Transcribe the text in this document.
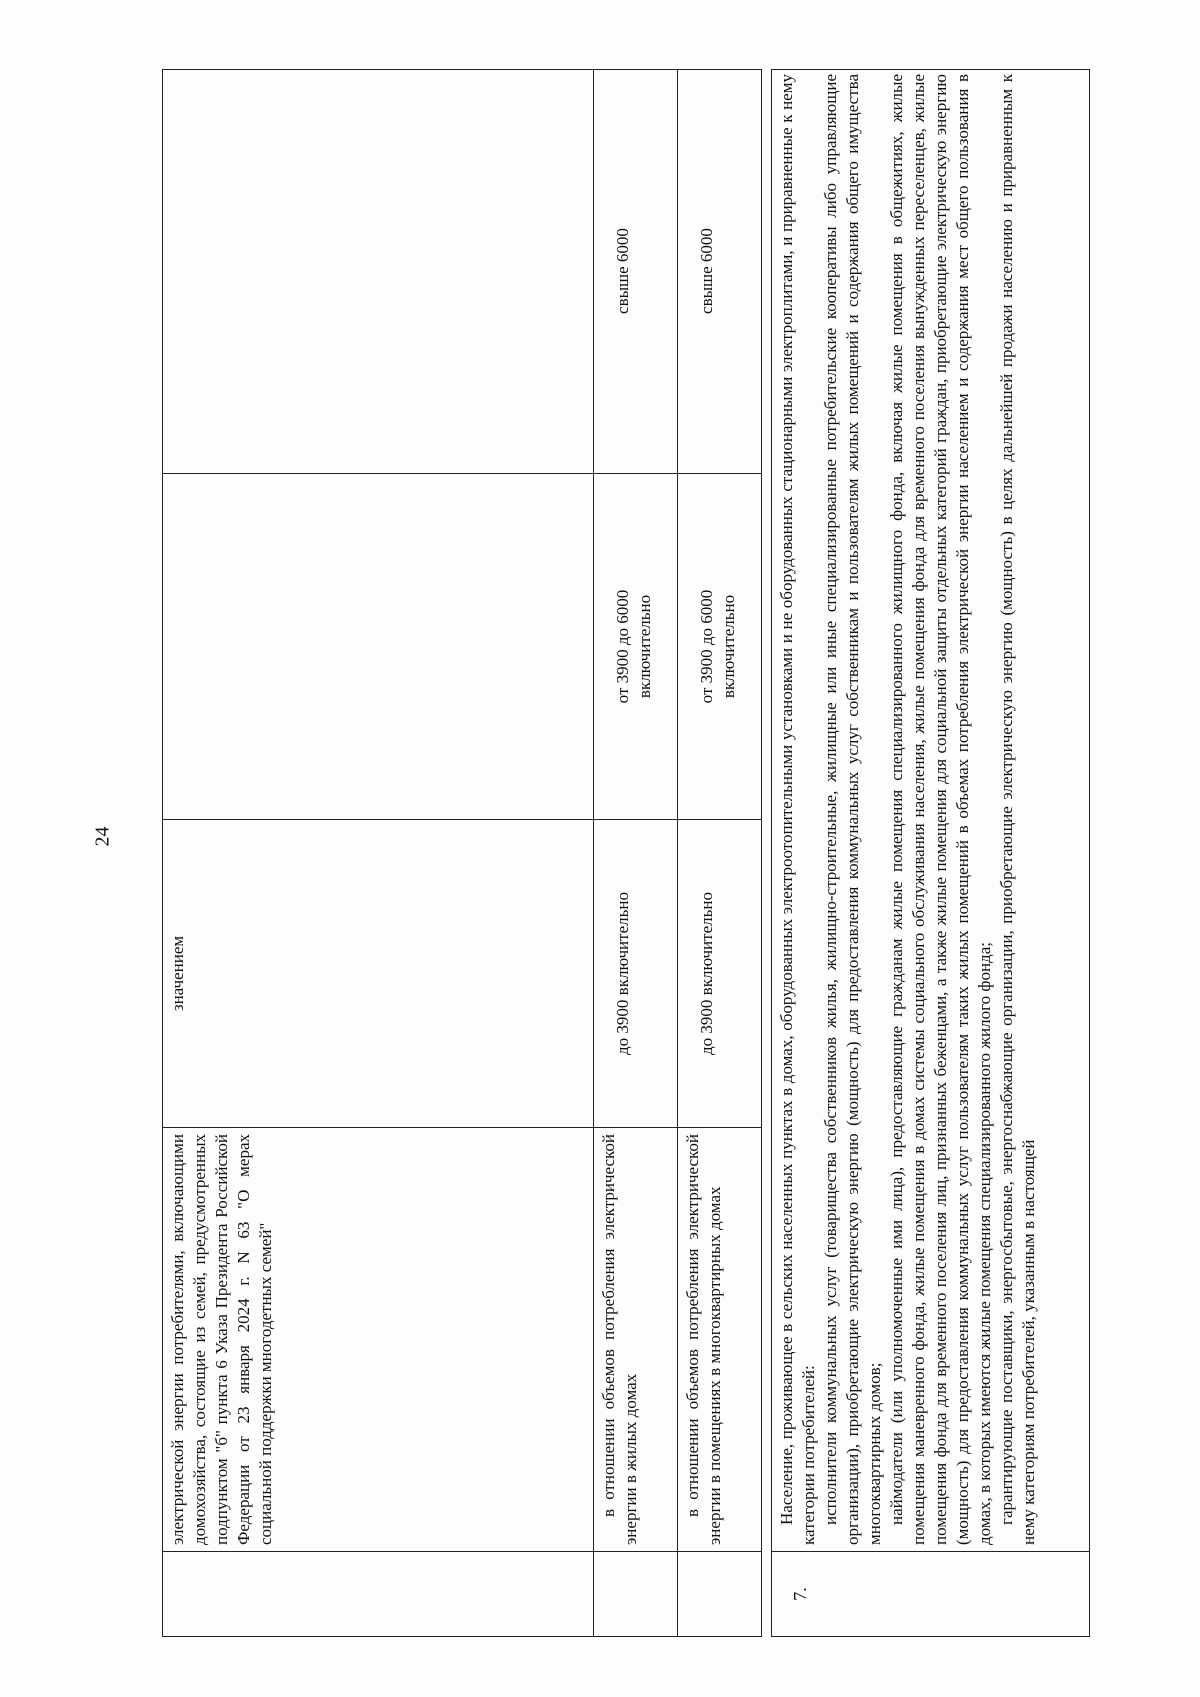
24
электрической энергии потребителями, включающими домохозяйства, состоящие из семей, предусмотренных подпунктом "б" пункта 6 Указа Президента Российской Федерации от 23 января 2024 г. N 63 "О мерах социальной поддержки многодетных семей"
значением
в отношении объемов потребления электрической энергии в жилых домах
до 3900 включительно
от 3900 до 6000 включительно
свыше 6000
в отношении объемов потребления электрической энергии в помещениях в многоквартирных домах
до 3900 включительно
от 3900 до 6000 включительно
свыше 6000
7.

Население, проживающее в сельских населенных пунктах в домах, оборудованных электроотопительными установками и не оборудованных стационарными электроплитами, и приравненные к нему категории потребителей: исполнители коммунальных услуг (товарищества собственников жилья, жилищно-строительные, жилищные или иные специализированные потребительские кооперативы либо управляющие организации), приобретающие электрическую энергию (мощность) для предоставления коммунальных услуг собственникам и пользователям жилых помещений и содержания общего имущества многоквартирных домов; наймодатели (или уполномоченные ими лица), предоставляющие гражданам жилые помещения специализированного жилищного фонда, включая жилые помещения в общежитиях, жилые помещения маневренного фонда, жилые помещения в домах системы социального обслуживания населения, жилые помещения фонда для временного поселения вынужденных переселенцев, жилые помещения фонда для временного поселения лиц, признанных беженцами, а также жилые помещения для социальной защиты отдельных категорий граждан, приобретающие электрическую энергию (мощность) для предоставления коммунальных услуг пользователям таких жилых помещений в объемах потребления электрической энергии населением и содержания мест общего пользования в домах, в которых имеются жилые помещения специализированного жилого фонда; гарантирующие поставщики, энергосбытовые, энергоснабжающие организации, приобретающие электрическую энергию (мощность) в целях дальнейшей продажи населению и приравненным к нему категориям потребителей, указанным в настоящей
